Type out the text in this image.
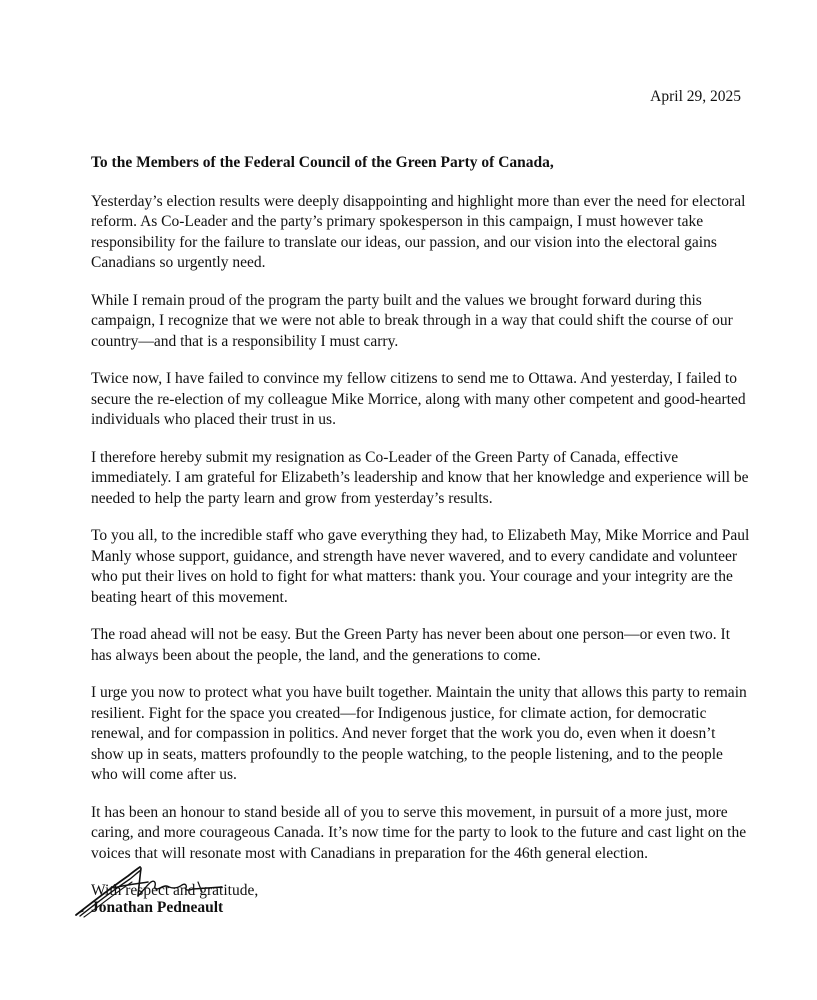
April 29, 2025

To the Members of the Federal Council of the Green Party of Canada,

Yesterday’s election results were deeply disappointing and highlight more than ever the need for electoral reform. As Co-Leader and the party’s primary spokesperson in this campaign, I must however take responsibility for the failure to translate our ideas, our passion, and our vision into the electoral gains Canadians so urgently need.

While I remain proud of the program the party built and the values we brought forward during this campaign, I recognize that we were not able to break through in a way that could shift the course of our country—and that is a responsibility I must carry.

Twice now, I have failed to convince my fellow citizens to send me to Ottawa. And yesterday, I failed to secure the re-election of my colleague Mike Morrice, along with many other competent and good-hearted individuals who placed their trust in us.

I therefore hereby submit my resignation as Co-Leader of the Green Party of Canada, effective immediately. I am grateful for Elizabeth’s leadership and know that her knowledge and experience will be needed to help the party learn and grow from yesterday’s results.

To you all, to the incredible staff who gave everything they had, to Elizabeth May, Mike Morrice and Paul Manly whose support, guidance, and strength have never wavered, and to every candidate and volunteer who put their lives on hold to fight for what matters: thank you. Your courage and your integrity are the beating heart of this movement.

The road ahead will not be easy. But the Green Party has never been about one person—or even two. It has always been about the people, the land, and the generations to come.

I urge you now to protect what you have built together. Maintain the unity that allows this party to remain resilient. Fight for the space you created—for Indigenous justice, for climate action, for democratic renewal, and for compassion in politics. And never forget that the work you do, even when it doesn’t show up in seats, matters profoundly to the people watching, to the people listening, and to the people who will come after us.

It has been an honour to stand beside all of you to serve this movement, in pursuit of a more just, more caring, and more courageous Canada. It’s now time for the party to look to the future and cast light on the voices that will resonate most with Canadians in preparation for the 46th general election.

With respect and gratitude,

Jonathan Pedneault
